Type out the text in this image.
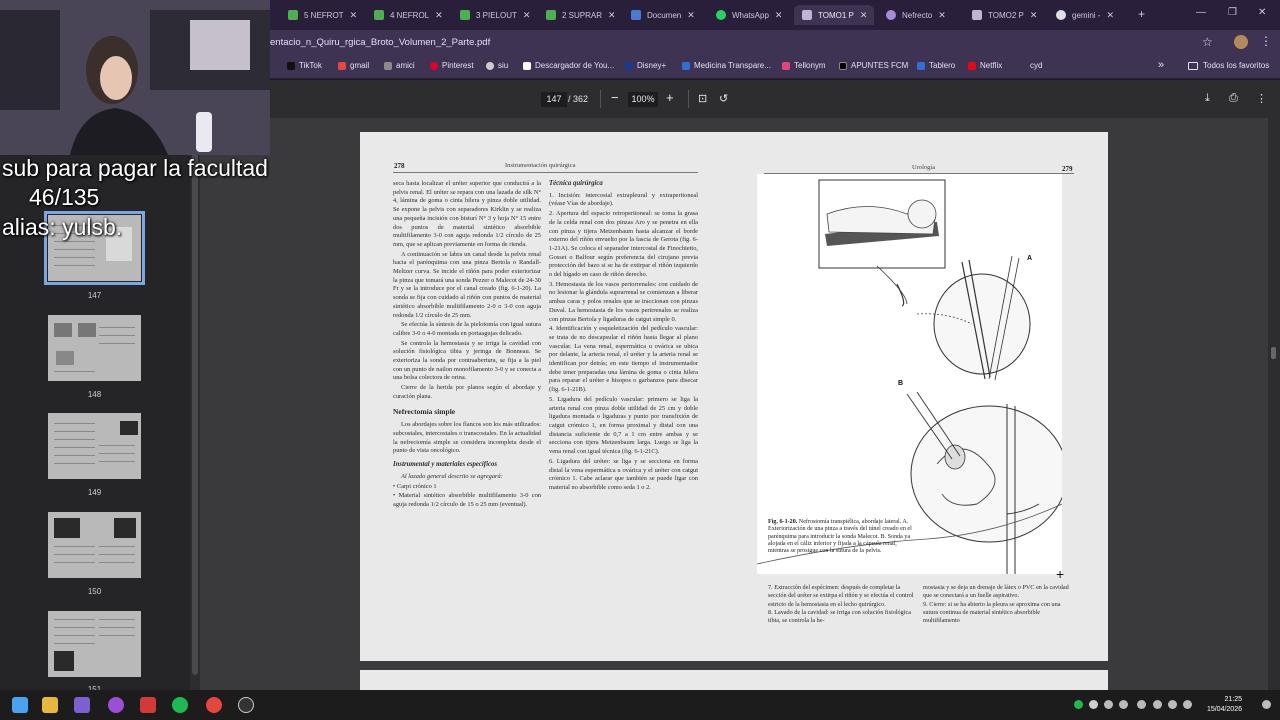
5 NEFROT ✕	4 NEFROL ✕	3 PIELOUT ✕	2 SUPRAR ✕	Documen ✕	WhatsApp ✕	TOMO1 P ✕	Nefrecto ✕	TOMO2 P ✕	gemini - ✕ +	— ❐ ✕
entacio_n_Quiru_rgica_Broto_Volumen_2_Parte.pdf	☆	⋮
TikTok	gmail	amici	Pinterest	siu	Descargador de You...	Disney+	Medicina Transpare...	Tellonym	APUNTES FCM	Tablero	Netflix	cyd	»	Todos los favoritos
147 / 362 −	100% + ⊡ ↺	⤓ ⎙ ⋮
147
148
149
150
278	Instrumentación quirúrgica	Urología	279

seca hasta localizar el uréter superior que conducirá a la pelvis renal. El uréter se repara con una lazada de silk N° 4, lámina de goma o cinta hilera y pinza doble utilidad. Se expone la pelvis con separadores Kirklin y se realiza una pequeña incisión con bisturí N° 3 y hoja N° 15 entre dos puntos de material sintético absorbible multifilamento 3-0 con aguja redonda 1/2 círculo de 25 mm, que se aplican previamente en forma de rienda.

A continuación se labra un canal desde la pelvis renal hacia el parénquima con una pinza Bertola o Randall-Meltzer curva. Se incide el riñón para poder exteriorizar la pinza que tomará una sonda Pezzer o Malecot de 24-30 Fr y se la introduce por el canal creado (fig. 6-1-20). La sonda se fija con cuidado al riñón con puntos de material sintético absorbible multifilamento 2-0 o 3-0 con aguja redonda 1/2 círculo de 25 mm.

Se efectúa la síntesis de la pielotomía con igual sutura calibre 3-0 o 4-0 montada en portaagujas delicado.

Se controla la hemostasia y se irriga la cavidad con solución fisiológica tibia y jeringa de Bonneau. Se exterioriza la sonda por contraabertura, se fija a la piel con un punto de nailon monofilamento 3-0 y se conecta a una bolsa colectora de orina.

Cierre de la herida por planos según el abordaje y curación plana.

Nefrectomía simple

Los abordajes sobre los flancos son los más utilizados: subcostales, intercostales o transcostales. En la actualidad la nefrectomía simple se considera incompleta desde el punto de vista oncológico.

Instrumental y materiales específicos

Al lazado general descrito se agregará:

• Carpi crónico 1

• Material sintético absorbible multifilamento 3-0 con aguja redonda 1/2 círculo de 15 o 25 mm (eventual).

Técnica quirúrgica

1. Incisión: intercostal extrapleural y extraperitoneal (véase Vías de abordaje).

2. Apertura del espacio retroperitoneal: se toma la grasa de la celda renal con dos pinzas Aro y se penetra en ella con pinza y tijera Metzenbaum hasta alcanzar el borde externo del riñón envuelto por la fascia de Gerota (fig. 6-1-21A). Se coloca el separador intercostal de Finochietto, Gosset o Balfour según preferencia del cirujano previa protección del bazo si se ha de extirpar el riñón izquierdo o del hígado en caso de riñón derecho.

3. Hemostasia de los vasos periorrenales: con cuidado de no lesionar la glándula suprarrenal se comienzan a liberar ambas caras y polos renales que se traccionan con pinzas Duval. La hemostasia de los vasos perirrenales se realiza con pinzas Bertola y ligaduras de catgut simple 0.

4. Identificación y esqueletización del pedículo vascular: se trata de no descapsular el riñón hasta llegar al plano vascular. La vena renal, espermática u ovárica se ubica por delante, la arteria renal, el uréter y la arteria renal se identifican por detrás; en este tiempo el instrumentador debe tener preparadas una lámina de goma o cinta hilera para reparar el uréter e hisopos o garbanzos para disecar (fig. 6-1-21B).

5. Ligadura del pedículo vascular: primero se liga la arteria renal con pinza doble utilidad de 25 cm y doble ligadura montada o ligaduras y punto por transfixión de catgut crómico 1, en forma proximal y distal con una distancia suficiente de 0,7 a 1 cm entre ambas y se secciona con tijera Metzenbaum larga. Luego se liga la vena renal con igual técnica (fig. 6-1-21C).

6. Ligadura del uréter: se liga y se secciona en forma distal la vena espermática u ovárica y el uréter con catgut crómico 1. Cabe aclarar que también se puede ligar con material no absorbible como seda 1 o 2.

A
B
Fig. 6-1-20. Nefrostomía transpiélica, abordaje lateral. A. Exteriorización de una pinza a través del túnel creado en el parénquima para introducir la sonda Malecot. B. Sonda ya alojada en el cáliz inferior y fijada a la cápsula renal, mientras se prosigue con la sutura de la pelvis.

7. Extracción del espécimen: después de completar la sección del uréter se extirpa el riñón y se efectúa el control estricto de la hemostasia en el lecho quirúrgico.

8. Lavado de la cavidad: se irriga con solución fisiológica tibia, se controla la he-

mostasia y se deja un drenaje de látex o PVC en la cavidad que se conectará a un fuelle aspirativo.

9. Cierre: si se ha abierto la pleura se aproxima con una sutura continua de material sintético absorbible multifilamento

+
sub para pagar la facultad
46/135
alias: yulsb.
21:25
15/04/2026
